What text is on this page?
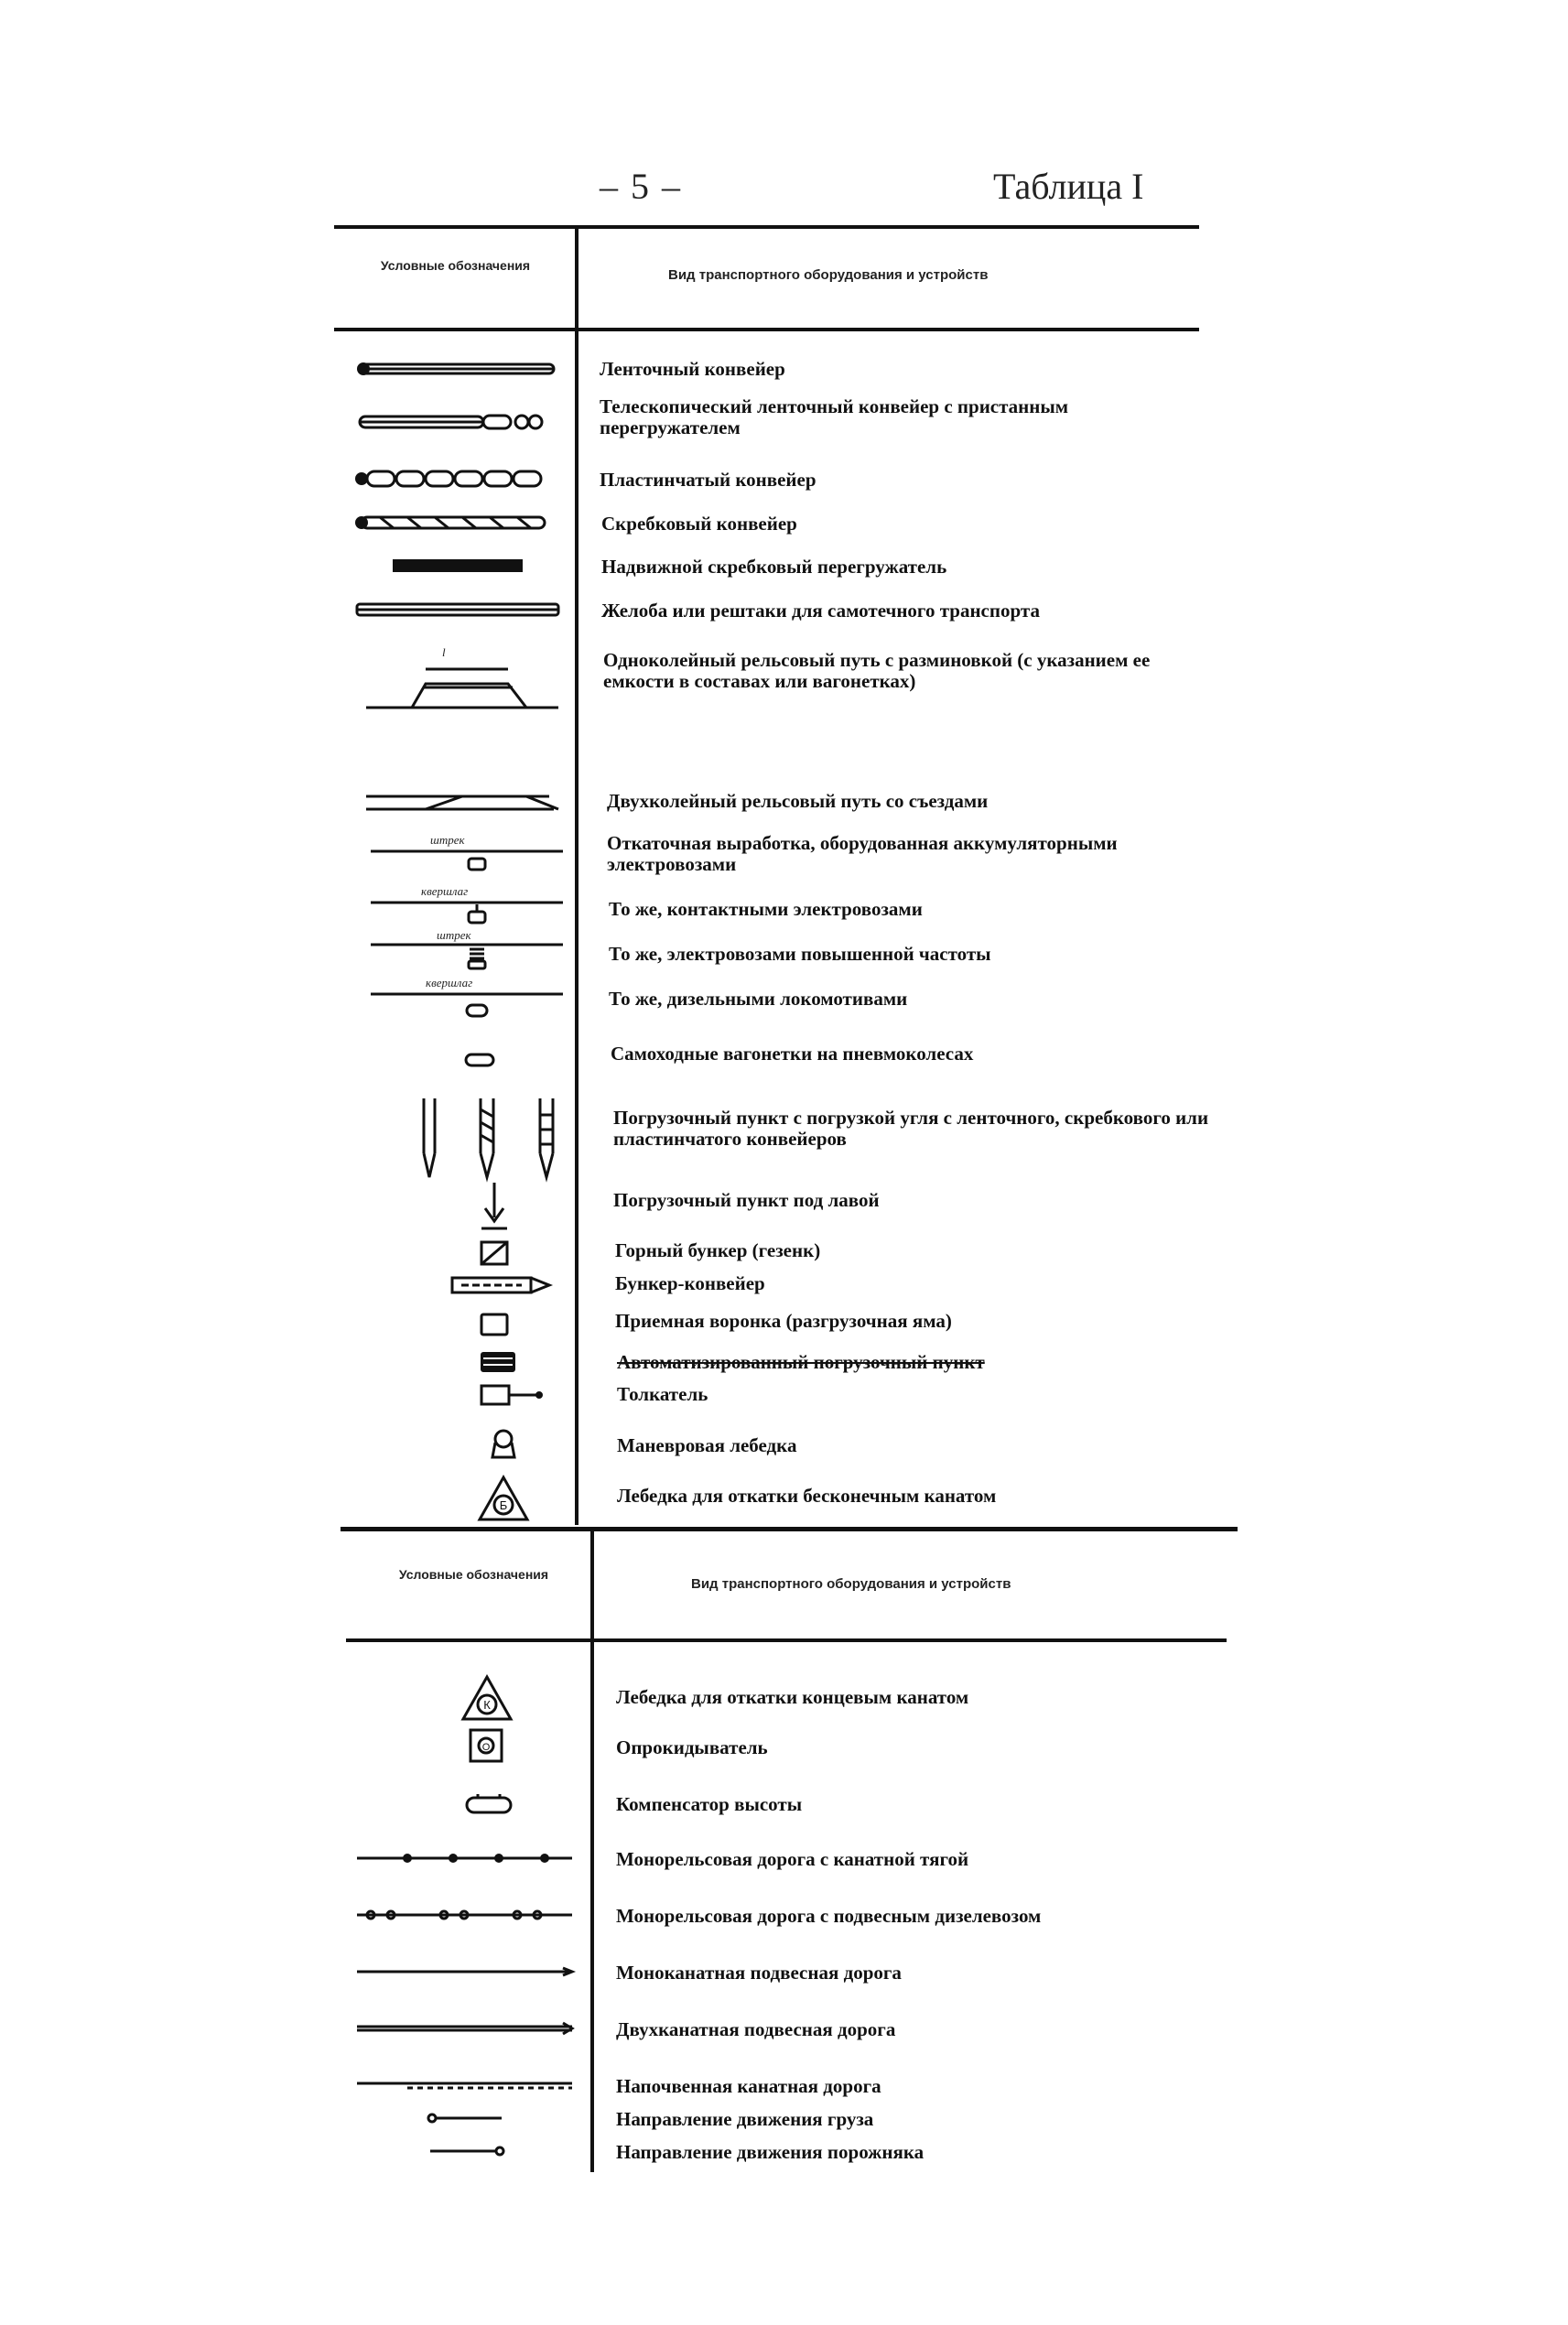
– 5 –	Таблица I
Условные обозначения
Вид транспортного оборудования и устройств
Условные обозначения
Вид транспортного оборудования и устройств
Ленточный конвейер
Телескопический ленточный конвейер с пристанным перегружателем
Пластинчатый конвейер
Скребковый конвейер
Надвижной скребковый перегружатель
Желоба или рештаки для самотечного транспорта
Одноколейный рельсовый путь с разминовкой (с указанием ее емкости в составах или вагонетках)
Двухколейный рельсовый путь со съездами
Откаточная выработка, оборудованная аккумуляторными электровозами
То же, контактными электровозами
То же, электровозами повышенной частоты
То же, дизельными локомотивами
Самоходные вагонетки на пневмоколесах
Погрузочный пункт с погрузкой угля с ленточного, скребкового или пластинчатого конвейеров
Погрузочный пункт под лавой
Горный бункер (гезенк)
Бункер-конвейер
Приемная воронка (разгрузочная яма)
Автоматизированный погрузочный пункт
Толкатель
Маневровая лебедка
Лебедка для откатки бесконечным канатом
Лебедка для откатки концевым канатом
Опрокидыватель
Компенсатор высоты
Монорельсовая дорога с канатной тягой
Монорельсовая дорога с подвесным дизелевозом
Моноканатная подвесная дорога
Двухканатная подвесная дорога
Напочвенная канатная дорога
Направление движения груза
Направление движения порожняка
l
штрек
квершлаг
штрек
квершлаг
Б
К
О
